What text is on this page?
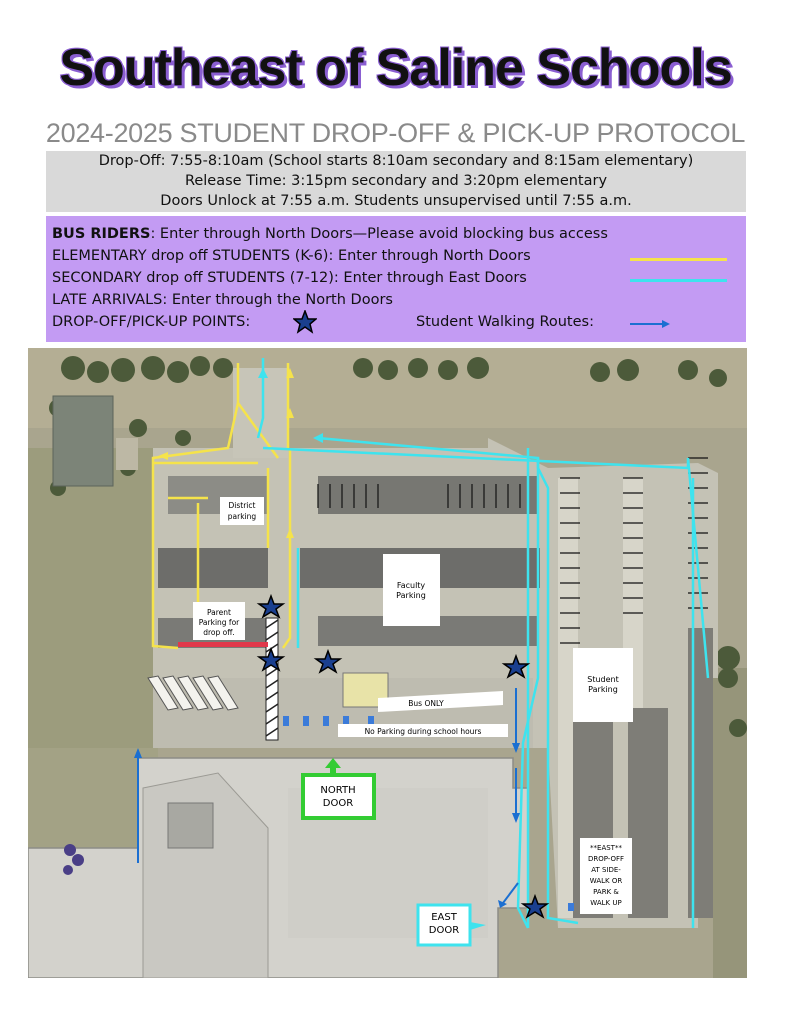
Southeast of Saline Schools
2024-2025 STUDENT DROP-OFF & PICK-UP PROTOCOL
Drop-Off: 7:55-8:10am (School starts 8:10am secondary and 8:15am elementary)
Release Time: 3:15pm secondary and 3:20pm elementary
Doors Unlock at 7:55 a.m. Students unsupervised until 7:55 a.m.
BUS RIDERS: Enter through North Doors—Please avoid blocking bus access
ELEMENTARY drop off STUDENTS (K-6): Enter through North Doors
SECONDARY drop off STUDENTS (7-12): Enter through East Doors
LATE ARRIVALS: Enter through the North Doors
DROP-OFF/PICK-UP POINTS:	Student Walking Routes:
District
parking
Faculty
Parking
Parent
Parking for
drop off.
Student
Parking
Bus ONLY
No Parking during school hours
NORTH
DOOR
EAST
DOOR
**EAST**
DROP-OFF
AT SIDE-
WALK OR
PARK &
WALK UP
